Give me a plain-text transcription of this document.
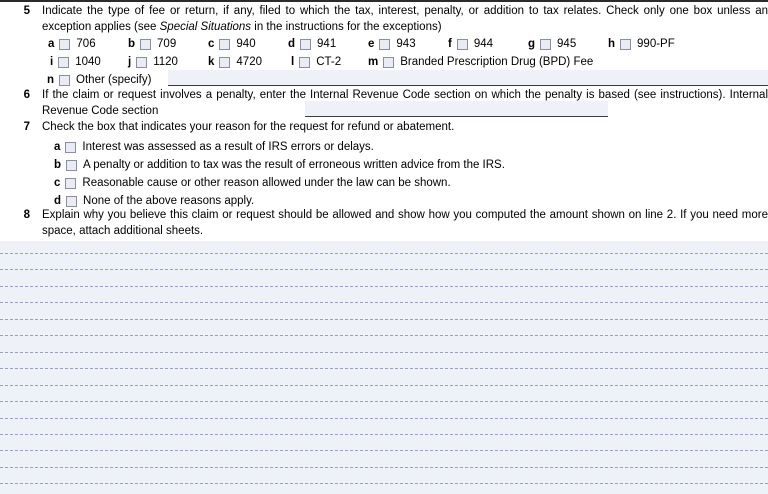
5 Indicate the type of fee or return, if any, filed to which the tax, interest, penalty, or addition to tax relates. Check only one box unless an exception applies (see Special Situations in the instructions for the exceptions)
a 706	b 709	c 940	d 941	e 943	f 944	g 945	h 990-PF
i 1040 j 1120	k 4720	l CT-2 m Branded Prescription Drug (BPD) Fee
n Other (specify)
6 If the claim or request involves a penalty, enter the Internal Revenue Code section on which the penalty is based (see instructions). Internal Revenue Code section
7 Check the box that indicates your reason for the request for refund or abatement.
a Interest was assessed as a result of IRS errors or delays.
b A penalty or addition to tax was the result of erroneous written advice from the IRS.
c Reasonable cause or other reason allowed under the law can be shown.
d None of the above reasons apply.
8 Explain why you believe this claim or request should be allowed and show how you computed the amount shown on line 2. If you need more space, attach additional sheets.
